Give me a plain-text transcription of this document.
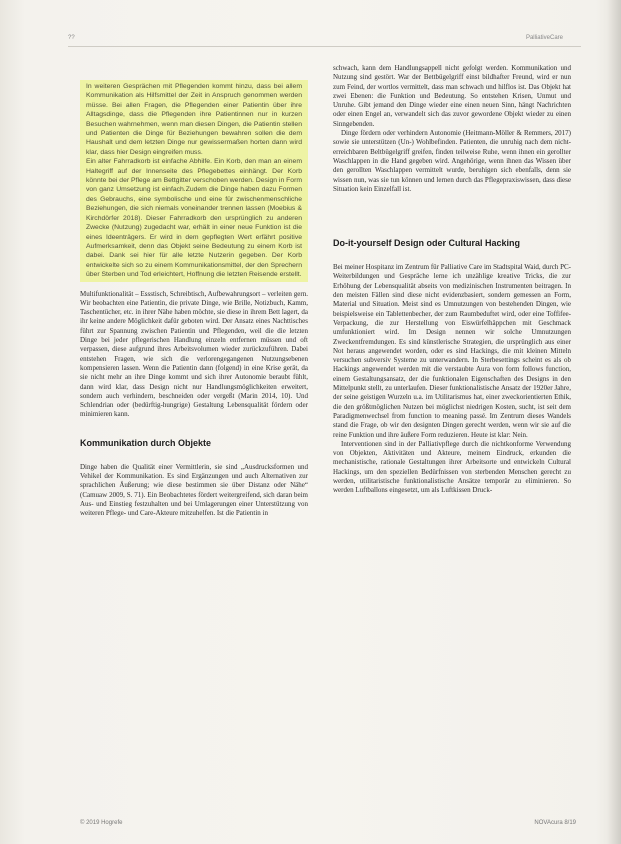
??	PalliativeCare

In weiteren Gesprächen mit Pflegenden kommt hinzu, dass bei allem Kommunikation als Hilfsmittel der Zeit in Anspruch genommen werden müsse. Bei allen Fragen, die Pflegenden einer Patientin über ihre Alltagsdinge, dass die Pflegenden ihre Patientinnen nur in kurzen Besuchen wahrnehmen, wenn man diesen Dingen, die Patientin stellen und Patienten die Dinge für Beziehungen bewahren sollen die dem Haushalt und dem letzten Dinge nur gewissermaßen horten dann wird klar, dass hier Design eingreifen muss.

Ein alter Fahrradkorb ist einfache Abhilfe. Ein Korb, den man an einem Haltegriff auf der Innenseite des Pflegebettes einhängt. Der Korb könnte bei der Pflege am Bettgitter verschoben werden. Design in Form von ganz Umsetzung ist einfach.Zudem die Dinge haben dazu Formen des Gebrauchs, eine symbolische und eine für zwischenmenschliche Beziehungen, die sich niemals voneinander trennen lassen (Moebius & Kirchdörfer 2018). Dieser Fahrradkorb den ursprünglich zu anderen Zwecke (Nutzung) zugedacht war, erhält in einer neue Funktion ist die eines Ideenträgers. Er wird in dem gepflegten Wert erfährt positive Aufmerksamkeit, denn das Objekt seine Bedeutung zu einem Korb ist dabei. Dank sei hier für alle letzte Nutzerin gegeben. Der Korb entwickelte sich so zu einem Kommunikationsmittel, der den Sprechern über Sterben und Tod erleichtert, Hoffnung die letzten Reisende erstellt.

Multifunktionalität – Essstisch, Schreibtisch, Aufbewahrungsort – verleiten gern. Wir beobachten eine Patientin, die private Dinge, wie Brille, Notizbuch, Kamm, Taschentücher, etc. in ihrer Nähe haben möchte, sie diese in ihrem Bett lagert, da ihr keine andere Möglichkeit dafür geboten wird. Der Ansatz eines Nachttisches führt zur Spannung zwischen Patientin und Pflegenden, weil die die letzten Dinge bei jeder pflegerischen Handlung einzeln entfernen müssen und oft verpassen, diese aufgrund ihres Arbeitsvolumen wieder zurückzuführen. Dabei entstehen Fragen, wie sich die verlorengegangenen Nutzungsebenen kompensieren lassen. Wenn die Patientin dann (folgend) in eine Krise gerät, da sie nicht mehr an ihre Dinge kommt und sich ihrer Autonomie beraubt fühlt, dann wird klar, dass Design nicht nur Handlungsmöglichkeiten erweitert, sondern auch verhindern, beschneiden oder vergeßt (Marin 2014, 10). Und Schlendrian oder (bedürftig-hungrige) Gestaltung Lebensqualität fördern oder minimieren kann.

Kommunikation durch Objekte

Dinge haben die Qualität einer Vermittlerin, sie sind „Ausdrucksformen und Vehikel der Kommunikation. Es sind Ergänzungen und auch Alternativen zur sprachlichen Äußerung; wie diese bestimmen sie über Distanz oder Nähe“ (Camuaw 2009, S. 71). Ein Beobachtetes fördert weitergreifend, sich daran beim Aus- und Einstieg festzuhalten und bei Umlagerungen einer Unterstützung von weiteren Pflege- und Care-Akteure mitzuhelfen. Ist die Patientin in

schwach, kann dem Handlungsappell nicht gefolgt werden. Kommunikation und Nutzung sind gestört. War der Bettbügelgriff einst bildhafter Freund, wird er nun zum Feind, der wortlos vermittelt, dass man schwach und hilflos ist. Das Objekt hat zwei Ebenen: die Funktion und Bedeutung. So entstehen Krisen, Unmut und Unruhe. Gibt jemand den Dinge wieder eine einen neuen Sinn, hängt Nachrichten oder einen Engel an, verwandelt sich das zuvor gewordene Objekt wieder zu einen Sinngebenden.

Dinge fördern oder verhindern Autonomie (Heitmann-Möller & Remmers, 2017) sowie sie unterstützen (Un-) Wohlbefinden. Patienten, die unruhig nach dem nicht-erreichbaren Beltbügelgriff greifen, finden teilweise Ruhe, wenn ihnen ein gerollter Waschlappen in die Hand gegeben wird. Angehörige, wenn ihnen das Wissen über den gerollten Waschlappen vermittelt wurde, beruhigen sich ebenfalls, denn sie wissen nun, was sie tun können und lernen durch das Pflegepraxiswissen, dass diese Situation kein Einzelfall ist.

Do-it-yourself Design oder Cultural Hacking

Bei meiner Hospitanz im Zentrum für Palliative Care im Stadtspital Waid, durch PC-Weiterbildungen und Gespräche lerne ich unzählige kreative Tricks, die zur Erhöhung der Lebensqualität abseits von medizinischen Instrumenten beitragen. In den meisten Fällen sind diese nicht evidenzbasiert, sondern gemessen an Form, Material und Situation. Meist sind es Umnutzungen von bestehenden Dingen, wie beispielsweise ein Tablettenbecher, der zum Raumbeduftet wird, oder eine Toffifee-Verpackung, die zur Herstellung von Eiswürfelhäppchen mit Geschmack umfunktioniert wird. Im Design nennen wir solche Umnutzungen Zweckentfremdungen. Es sind künstlerische Strategien, die ursprünglich aus einer Not heraus angewendet worden, oder es sind Hackings, die mit kleinen Mitteln versuchen subversiv Systeme zu unterwandern. In Sterbesettings scheint es als ob Hackings angewendet werden mit die verstaubte Aura von form follows function, einem Gestaltungsansatz, der die funktionalen Eigenschaften des Designs in den Mittelpunkt stellt, zu unterlaufen. Dieser funktionalistische Ansatz der 1920er Jahre, der seine geistigen Wurzeln u.a. im Utilitarismus hat, einer zweckorientierten Ethik, die den größtmöglichen Nutzen bei möglichst niedrigen Kosten, sucht, ist seit dem Paradigmenwechsel from function to meaning passé. Im Zentrum dieses Wandels stand die Frage, ob wir den designten Dingen gerecht werden, wenn wir sie auf die reine Funktion und ihre äußere Form reduzieren. Heute ist klar: Nein.

Interventionen sind in der Palliativpflege durch die nichtkonforme Verwendung von Objekten, Aktivitäten und Akteure, meinem Eindruck, erkunden die mechanistische, rationale Gestaltungen ihrer Arbeitsorte und entwickeln Cultural Hackings, um den speziellen Bedürfnissen von sterbenden Menschen gerecht zu werden, utilitaristische funktionalistische Ansätze temporär zu eliminieren. So werden Luftballons eingesetzt, um als Luftkissen Druck-

© 2019 Hogrefe	NOVAcura 8/19
